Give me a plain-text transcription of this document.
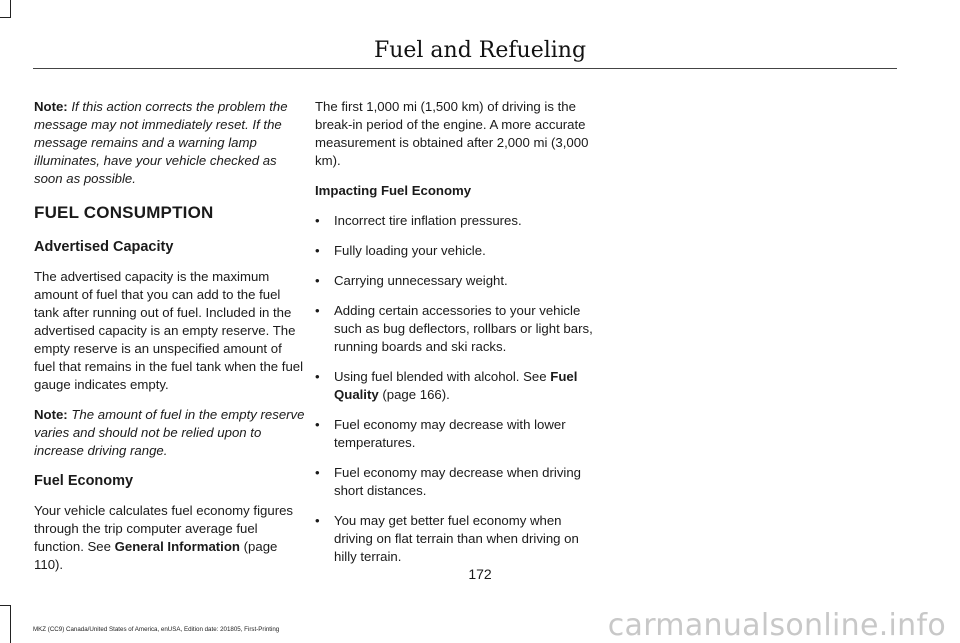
Fuel and Refueling

Note: If this action corrects the problem the message may not immediately reset. If the message remains and a warning lamp illuminates, have your vehicle checked as soon as possible.

FUEL CONSUMPTION
Advertised Capacity

The advertised capacity is the maximum amount of fuel that you can add to the fuel tank after running out of fuel. Included in the advertised capacity is an empty reserve. The empty reserve is an unspecified amount of fuel that remains in the fuel tank when the fuel gauge indicates empty.

Note: The amount of fuel in the empty reserve varies and should not be relied upon to increase driving range.

Fuel Economy

Your vehicle calculates fuel economy figures through the trip computer average fuel function. See General Information (page 110).

The first 1,000 mi (1,500 km) of driving is the break-in period of the engine. A more accurate measurement is obtained after 2,000 mi (3,000 km).

Impacting Fuel Economy
• Incorrect tire inflation pressures.
• Fully loading your vehicle.
• Carrying unnecessary weight.
• Adding certain accessories to your vehicle such as bug deflectors, rollbars or light bars, running boards and ski racks.
• Using fuel blended with alcohol. See Fuel Quality (page 166).
• Fuel economy may decrease with lower temperatures.
• Fuel economy may decrease when driving short distances.
• You may get better fuel economy when driving on flat terrain than when driving on hilly terrain.
172
MKZ (CC9) Canada/United States of America, enUSA, Edition date: 201805, First-Printing	carmanualsonline.info
